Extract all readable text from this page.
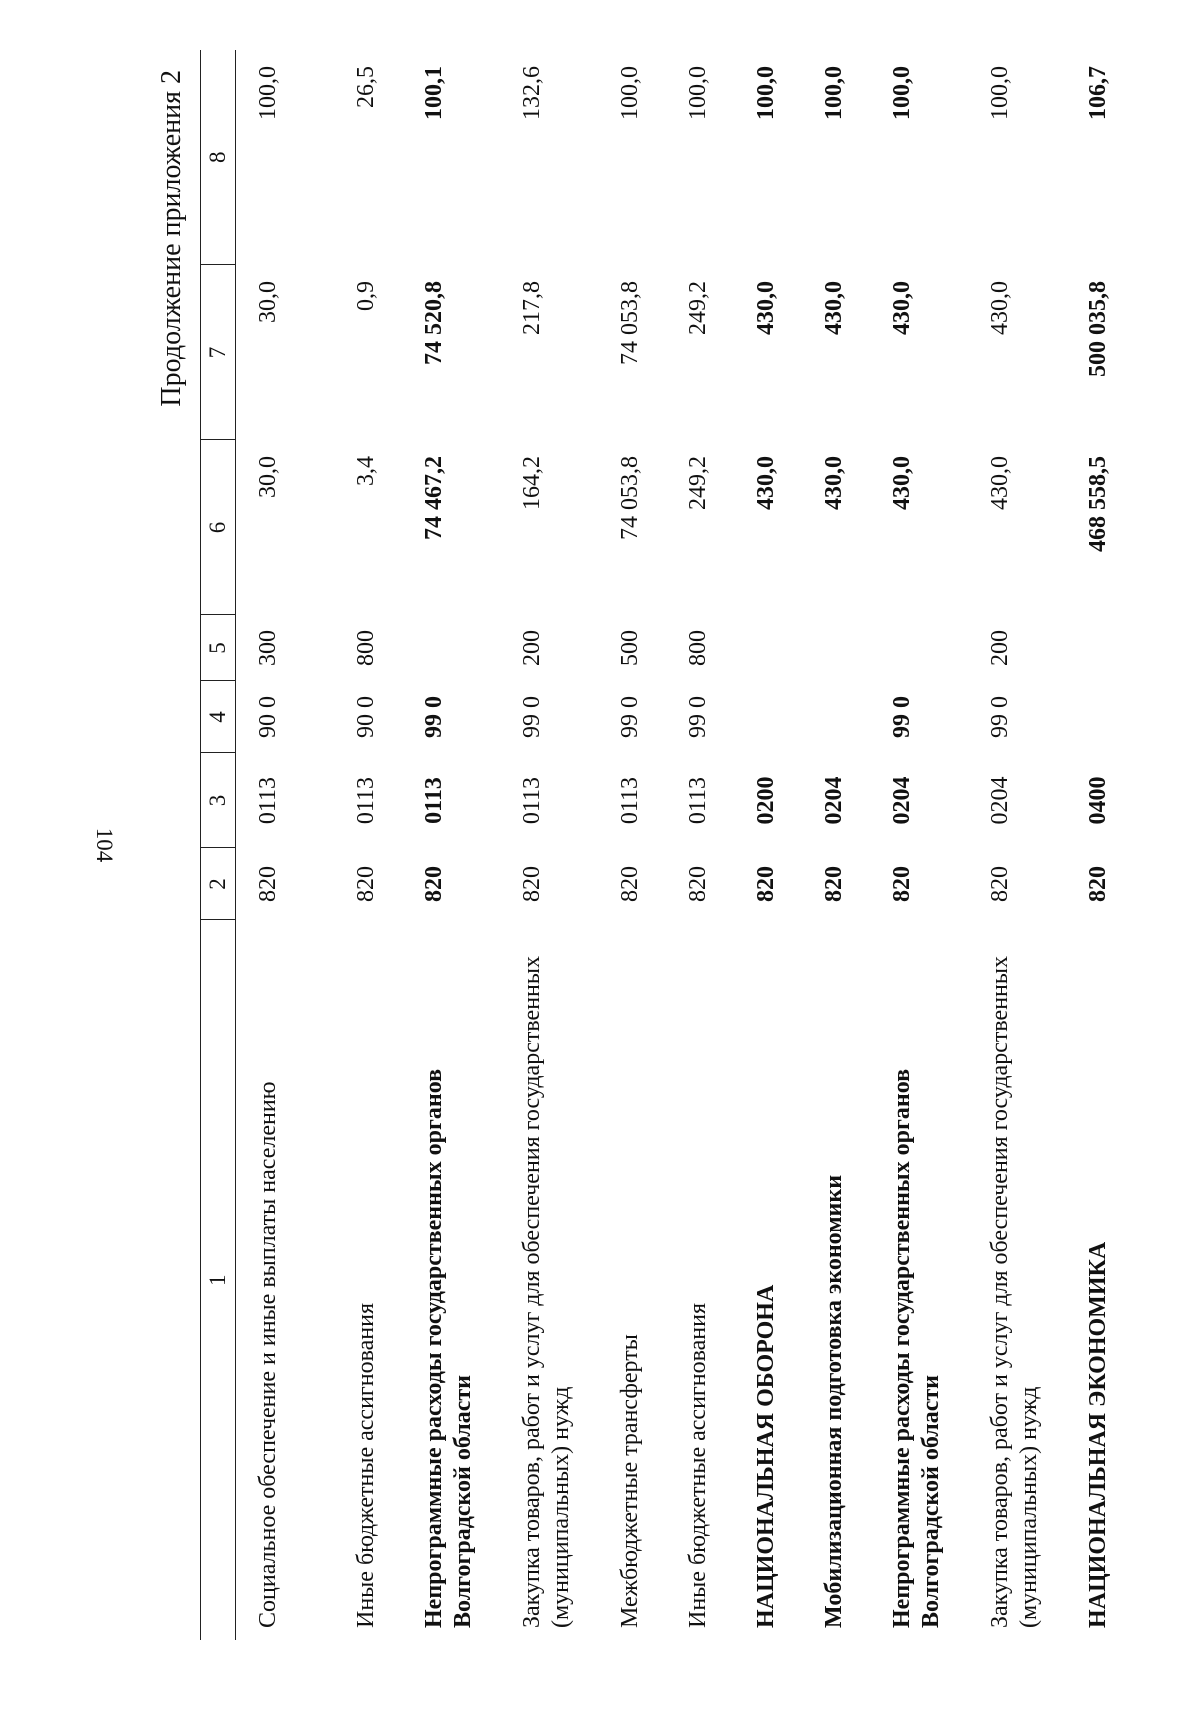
104
Продолжение приложения 2
1	2	3	4	5	6	7	8
Социальное обеспечение и иные выплаты населению	820	0113	90 0	300	30,0	30,0	100,0
Иные бюджетные ассигнования	820	0113	90 0	800	3,4	0,9	26,5
Непрограммные расходы государственных органов Волгоградской области	820	0113	99 0		74 467,2	74 520,8	100,1
Закупка товаров, работ и услуг для обеспечения государственных (муниципальных) нужд	820	0113	99 0	200	164,2	217,8	132,6
Межбюджетные трансферты	820	0113	99 0	500	74 053,8	74 053,8	100,0
Иные бюджетные ассигнования	820	0113	99 0	800	249,2	249,2	100,0
НАЦИОНАЛЬНАЯ ОБОРОНА	820	0200			430,0	430,0	100,0
Мобилизационная подготовка экономики	820	0204			430,0	430,0	100,0
Непрограммные расходы государственных органов Волгоградской области	820	0204	99 0		430,0	430,0	100,0
Закупка товаров, работ и услуг для обеспечения государственных (муниципальных) нужд	820	0204	99 0	200	430,0	430,0	100,0
НАЦИОНАЛЬНАЯ ЭКОНОМИКА	820	0400			468 558,5	500 035,8	106,7
